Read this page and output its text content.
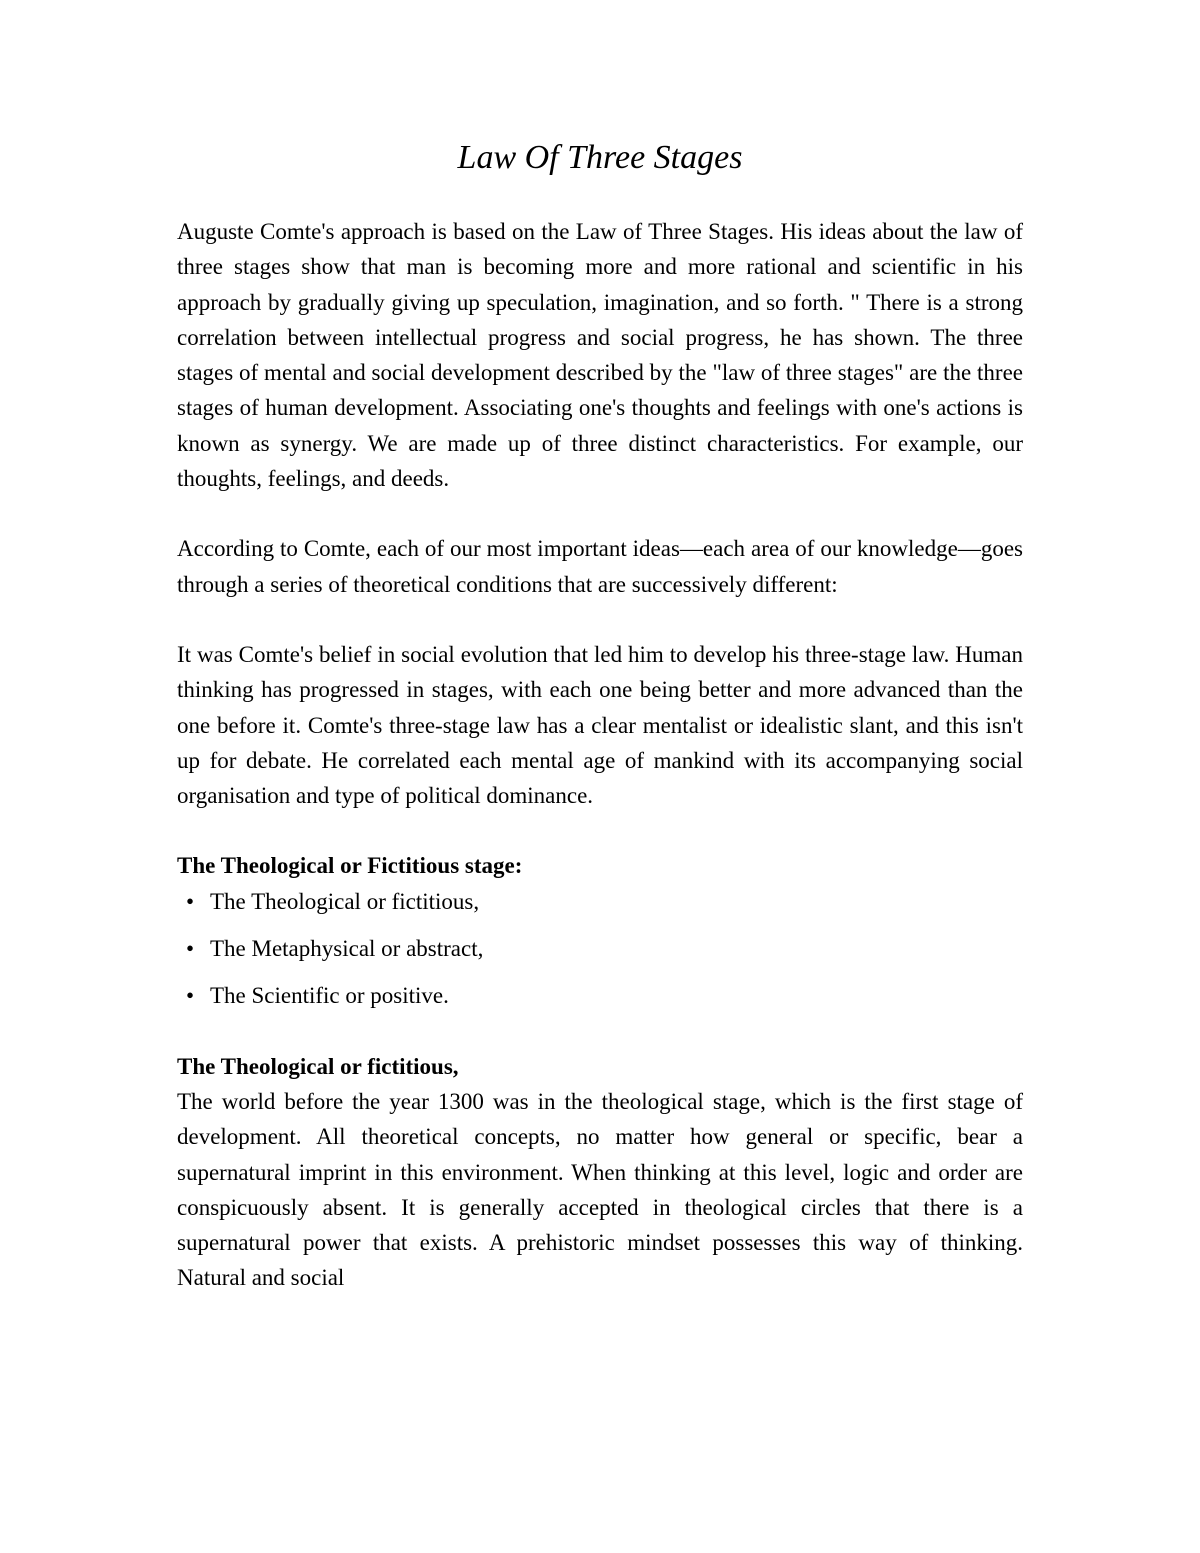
Law Of Three Stages

Auguste Comte's approach is based on the Law of Three Stages. His ideas about the law of three stages show that man is becoming more and more rational and scientific in his approach by gradually giving up speculation, imagination, and so forth. " There is a strong correlation between intellectual progress and social progress, he has shown. The three stages of mental and social development described by the "law of three stages" are the three stages of human development. Associating one's thoughts and feelings with one's actions is known as synergy. We are made up of three distinct characteristics. For example, our thoughts, feelings, and deeds.

According to Comte, each of our most important ideas—each area of our knowledge—goes through a series of theoretical conditions that are successively different:

It was Comte's belief in social evolution that led him to develop his three-stage law. Human thinking has progressed in stages, with each one being better and more advanced than the one before it. Comte's three-stage law has a clear mentalist or idealistic slant, and this isn't up for debate. He correlated each mental age of mankind with its accompanying social organisation and type of political dominance.

The Theological or Fictitious stage:

• The Theological or fictitious,
• The Metaphysical or abstract,
• The Scientific or positive.

The Theological or fictitious,

The world before the year 1300 was in the theological stage, which is the first stage of development. All theoretical concepts, no matter how general or specific, bear a supernatural imprint in this environment. When thinking at this level, logic and order are conspicuously absent. It is generally accepted in theological circles that there is a supernatural power that exists. A prehistoric mindset possesses this way of thinking. Natural and social
